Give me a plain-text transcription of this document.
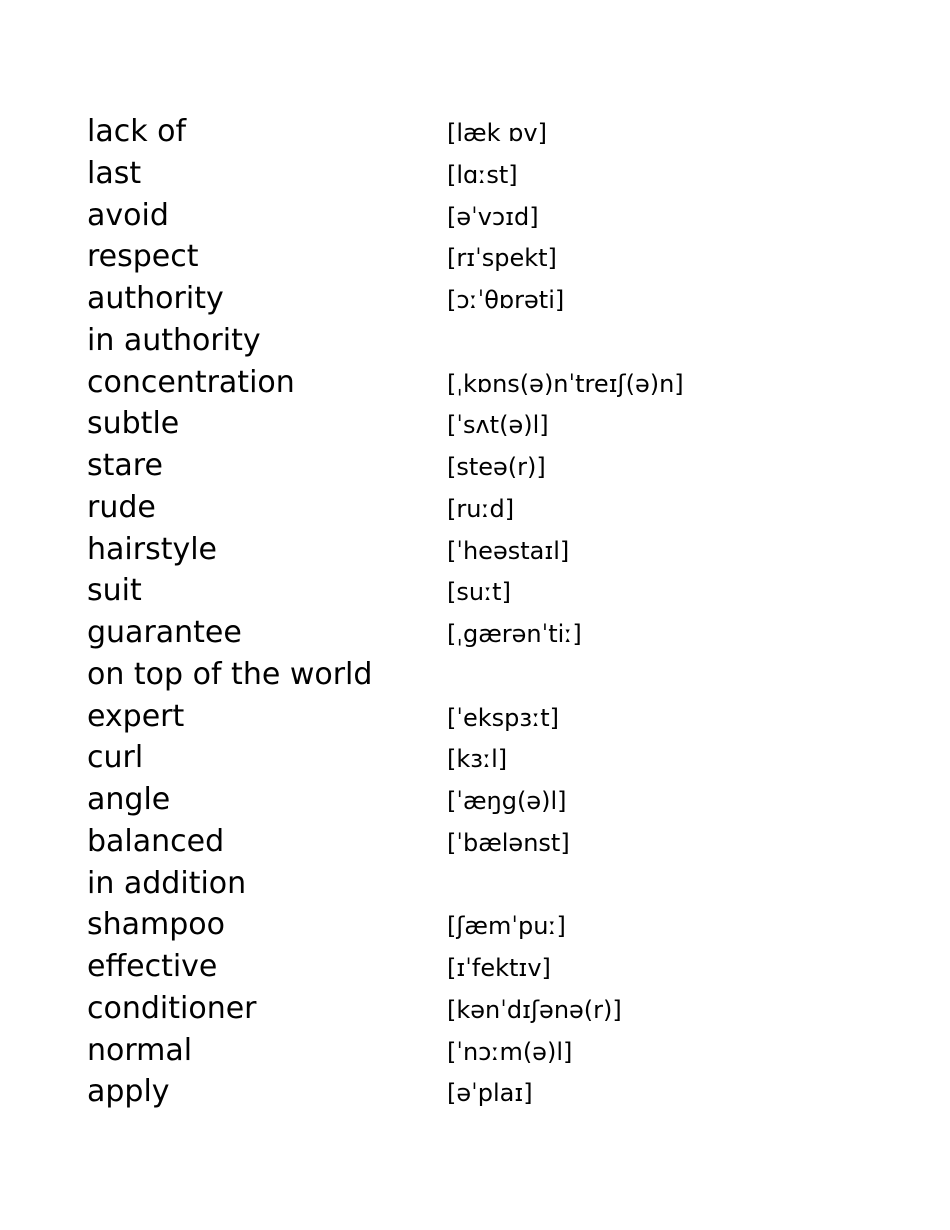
lack of	[læk ɒv]
last	[lɑːst]
avoid	[əˈvɔɪd]
respect	[rɪˈspekt]
authority	[ɔːˈθɒrəti]
in authority
concentration	[ˌkɒns(ə)nˈtreɪʃ(ə)n]
subtle	[ˈsʌt(ə)l]
stare	[steə(r)]
rude	[ruːd]
hairstyle	[ˈheəstaɪl]
suit	[suːt]
guarantee	[ˌgærənˈtiː]
on top of the world
expert	[ˈekspɜːt]
curl	[kɜːl]
angle	[ˈæŋg(ə)l]
balanced	[ˈbælənst]
in addition
shampoo	[ʃæmˈpuː]
effective	[ɪˈfektɪv]
conditioner	[kənˈdɪʃənə(r)]
normal	[ˈnɔːm(ə)l]
apply	[əˈplaɪ]
